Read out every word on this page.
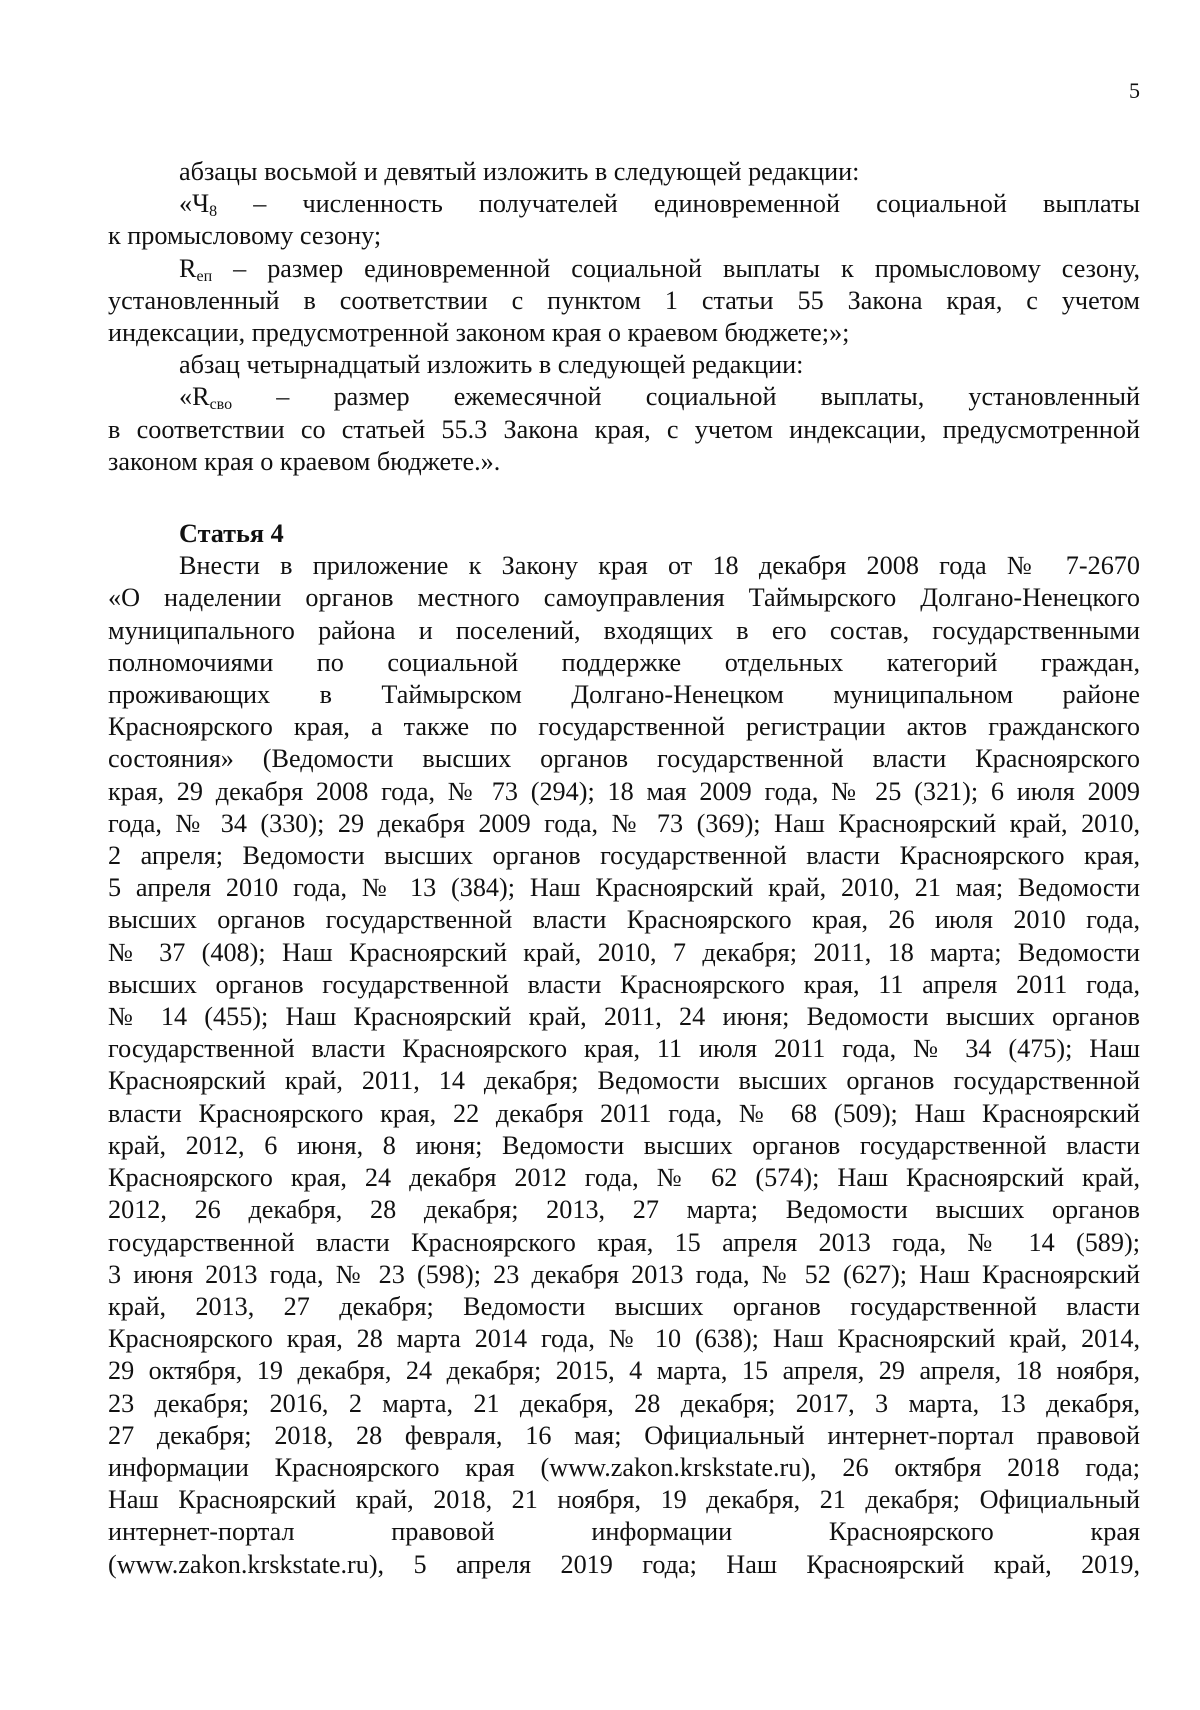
5

абзацы восьмой и девятый изложить в следующей редакции:

«$Ч_8$ – численность получателей единовременной социальной выплаты
к промысловому сезону;

$R_{еп}$ – размер единовременной социальной выплаты к промысловому сезону,
установленный в соответствии с пунктом 1 статьи 55 Закона края, с учетом
индексации, предусмотренной законом края о краевом бюджете;»;

абзац четырнадцатый изложить в следующей редакции:

«$R_{сво}$ – размер ежемесячной социальной выплаты, установленный
в соответствии со статьей 55.3 Закона края, с учетом индексации, предусмотренной
законом края о краевом бюджете.».

Статья 4

Внести в приложение к Закону края от 18 декабря 2008 года № 7-2670
«О наделении органов местного самоуправления Таймырского Долгано-Ненецкого
муниципального района и поселений, входящих в его состав, государственными
полномочиями по социальной поддержке отдельных категорий граждан,
проживающих в Таймырском Долгано-Ненецком муниципальном районе
Красноярского края, а также по государственной регистрации актов гражданского
состояния» (Ведомости высших органов государственной власти Красноярского
края, 29 декабря 2008 года, № 73 (294); 18 мая 2009 года, № 25 (321); 6 июля 2009
года, № 34 (330); 29 декабря 2009 года, № 73 (369); Наш Красноярский край, 2010,
2 апреля; Ведомости высших органов государственной власти Красноярского края,
5 апреля 2010 года, № 13 (384); Наш Красноярский край, 2010, 21 мая; Ведомости
высших органов государственной власти Красноярского края, 26 июля 2010 года,
№ 37 (408); Наш Красноярский край, 2010, 7 декабря; 2011, 18 марта; Ведомости
высших органов государственной власти Красноярского края, 11 апреля 2011 года,
№ 14 (455); Наш Красноярский край, 2011, 24 июня; Ведомости высших органов
государственной власти Красноярского края, 11 июля 2011 года, № 34 (475); Наш
Красноярский край, 2011, 14 декабря; Ведомости высших органов государственной
власти Красноярского края, 22 декабря 2011 года, № 68 (509); Наш Красноярский
край, 2012, 6 июня, 8 июня; Ведомости высших органов государственной власти
Красноярского края, 24 декабря 2012 года, № 62 (574); Наш Красноярский край,
2012, 26 декабря, 28 декабря; 2013, 27 марта; Ведомости высших органов
государственной власти Красноярского края, 15 апреля 2013 года, № 14 (589);
3 июня 2013 года, № 23 (598); 23 декабря 2013 года, № 52 (627); Наш Красноярский
край, 2013, 27 декабря; Ведомости высших органов государственной власти
Красноярского края, 28 марта 2014 года, № 10 (638); Наш Красноярский край, 2014,
29 октября, 19 декабря, 24 декабря; 2015, 4 марта, 15 апреля, 29 апреля, 18 ноября,
23 декабря; 2016, 2 марта, 21 декабря, 28 декабря; 2017, 3 марта, 13 декабря,
27 декабря; 2018, 28 февраля, 16 мая; Официальный интернет-портал правовой
информации Красноярского края (www.zakon.krskstate.ru), 26 октября 2018 года;
Наш Красноярский край, 2018, 21 ноября, 19 декабря, 21 декабря; Официальный
интернет-портал правовой информации Красноярского края
(www.zakon.krskstate.ru), 5 апреля 2019 года; Наш Красноярский край, 2019,
